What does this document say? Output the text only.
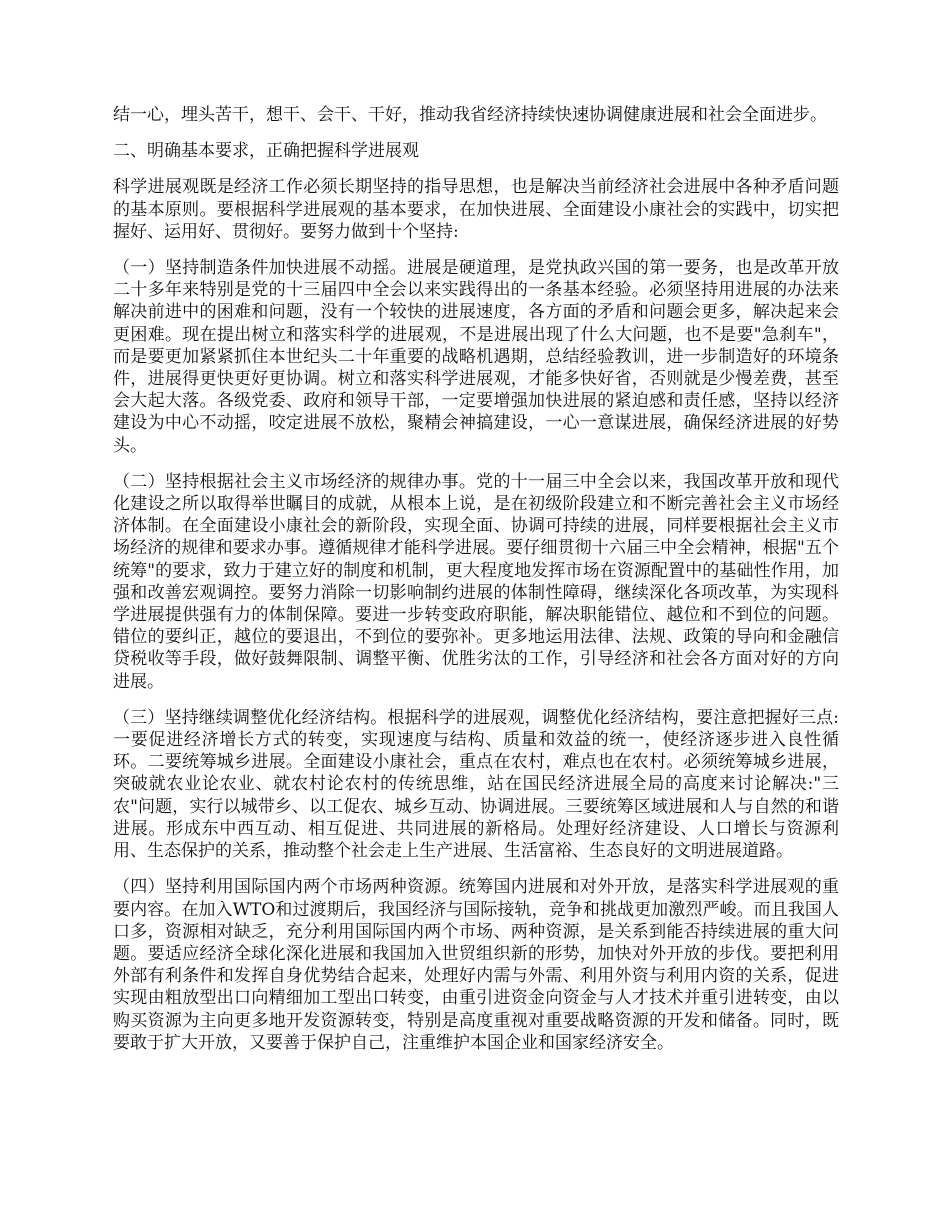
结一心，埋头苦干，想干、会干、干好，推动我省经济持续快速协调健康进展和社会全面进步。

二、明确基本要求，正确把握科学进展观

科学进展观既是经济工作必须长期坚持的指导思想，也是解决当前经济社会进展中各种矛盾问题的基本原则。要根据科学进展观的基本要求，在加快进展、全面建设小康社会的实践中，切实把握好、运用好、贯彻好。要努力做到十个坚持:

（一）坚持制造条件加快进展不动摇。进展是硬道理，是党执政兴国的第一要务，也是改革开放二十多年来特别是党的十三届四中全会以来实践得出的一条基本经验。必须坚持用进展的办法来解决前进中的困难和问题，没有一个较快的进展速度，各方面的矛盾和问题会更多，解决起来会更困难。现在提出树立和落实科学的进展观，不是进展出现了什么大问题，也不是要"急刹车"，而是要更加紧紧抓住本世纪头二十年重要的战略机遇期，总结经验教训，进一步制造好的环境条件，进展得更快更好更协调。树立和落实科学进展观，才能多快好省，否则就是少慢差费，甚至会大起大落。各级党委、政府和领导干部，一定要增强加快进展的紧迫感和责任感，坚持以经济建设为中心不动摇，咬定进展不放松，聚精会神搞建设，一心一意谋进展，确保经济进展的好势头。

（二）坚持根据社会主义市场经济的规律办事。党的十一届三中全会以来，我国改革开放和现代化建设之所以取得举世瞩目的成就，从根本上说，是在初级阶段建立和不断完善社会主义市场经济体制。在全面建设小康社会的新阶段，实现全面、协调可持续的进展，同样要根据社会主义市场经济的规律和要求办事。遵循规律才能科学进展。要仔细贯彻十六届三中全会精神，根据"五个统筹"的要求，致力于建立好的制度和机制，更大程度地发挥市场在资源配置中的基础性作用，加强和改善宏观调控。要努力消除一切影响制约进展的体制性障碍，继续深化各项改革，为实现科学进展提供强有力的体制保障。要进一步转变政府职能，解决职能错位、越位和不到位的问题。错位的要纠正，越位的要退出，不到位的要弥补。更多地运用法律、法规、政策的导向和金融信贷税收等手段，做好鼓舞限制、调整平衡、优胜劣汰的工作，引导经济和社会各方面对好的方向进展。

（三）坚持继续调整优化经济结构。根据科学的进展观，调整优化经济结构，要注意把握好三点:一要促进经济增长方式的转变，实现速度与结构、质量和效益的统一，使经济逐步进入良性循环。二要统筹城乡进展。全面建设小康社会，重点在农村，难点也在农村。必须统筹城乡进展，突破就农业论农业、就农村论农村的传统思维，站在国民经济进展全局的高度来讨论解决:"三农"问题，实行以城带乡、以工促农、城乡互动、协调进展。三要统筹区域进展和人与自然的和谐进展。形成东中西互动、相互促进、共同进展的新格局。处理好经济建设、人口增长与资源利用、生态保护的关系，推动整个社会走上生产进展、生活富裕、生态良好的文明进展道路。

（四）坚持利用国际国内两个市场两种资源。统筹国内进展和对外开放，是落实科学进展观的重要内容。在加入WTO和过渡期后，我国经济与国际接轨，竞争和挑战更加激烈严峻。而且我国人口多，资源相对缺乏，充分利用国际国内两个市场、两种资源，是关系到能否持续进展的重大问题。要适应经济全球化深化进展和我国加入世贸组织新的形势，加快对外开放的步伐。要把利用外部有利条件和发挥自身优势结合起来，处理好内需与外需、利用外资与利用内资的关系，促进实现由粗放型出口向精细加工型出口转变，由重引进资金向资金与人才技术并重引进转变，由以购买资源为主向更多地开发资源转变，特别是高度重视对重要战略资源的开发和储备。同时，既要敢于扩大开放，又要善于保护自己，注重维护本国企业和国家经济安全。
